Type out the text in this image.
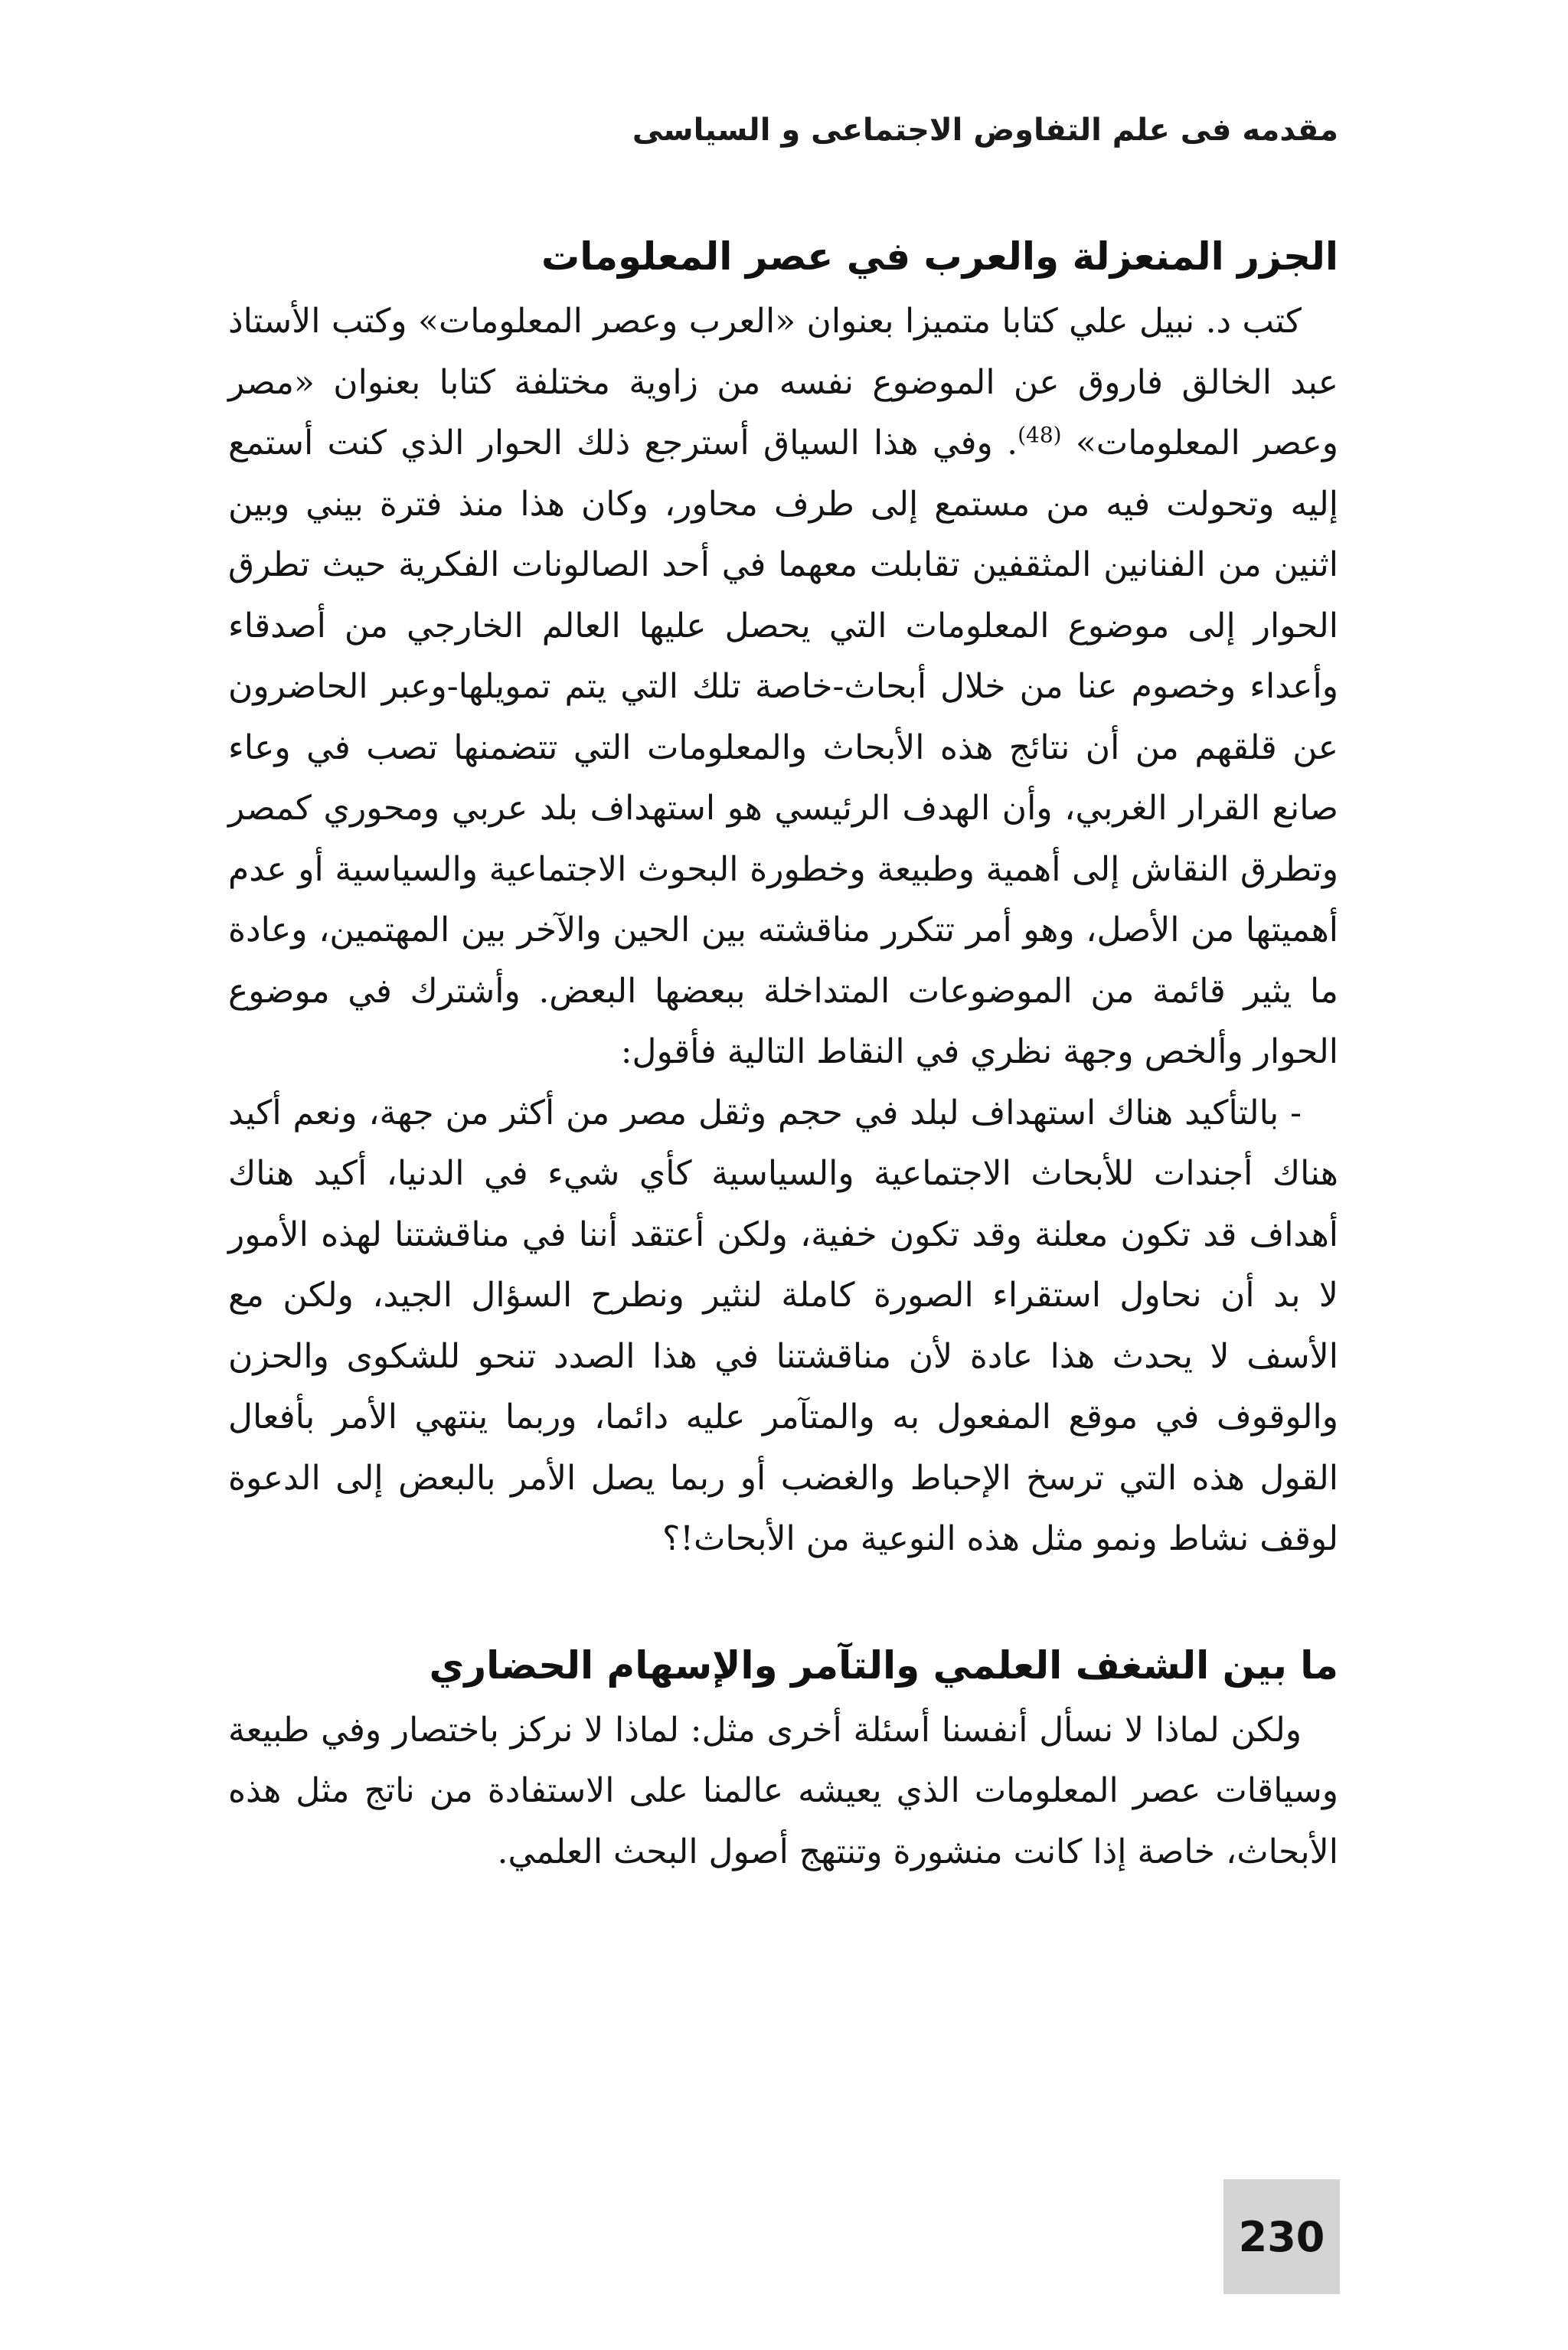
مقدمه فى علم التفاوض الاجتماعى و السياسى
الجزر المنعزلة والعرب في عصر المعلومات

كتب د. نبيل علي كتابا متميزا بعنوان «العرب وعصر المعلومات» وكتب الأستاذ عبد الخالق فاروق عن الموضوع نفسه من زاوية مختلفة كتابا بعنوان «مصر وعصر المعلومات» $^{(48)}$. وفي هذا السياق أسترجع ذلك الحوار الذي كنت أستمع إليه وتحولت فيه من مستمع إلى طرف محاور، وكان هذا منذ فترة بيني وبين اثنين من الفنانين المثقفين تقابلت معهما في أحد الصالونات الفكرية حيث تطرق الحوار إلى موضوع المعلومات التي يحصل عليها العالم الخارجي من أصدقاء وأعداء وخصوم عنا من خلال أبحاث-خاصة تلك التي يتم تمويلها-وعبر الحاضرون عن قلقهم من أن نتائج هذه الأبحاث والمعلومات التي تتضمنها تصب في وعاء صانع القرار الغربي، وأن الهدف الرئيسي هو استهداف بلد عربي ومحوري كمصر وتطرق النقاش إلى أهمية وطبيعة وخطورة البحوث الاجتماعية والسياسية أو عدم أهميتها من الأصل، وهو أمر تتكرر مناقشته بين الحين والآخر بين المهتمين، وعادة ما يثير قائمة من الموضوعات المتداخلة ببعضها البعض. وأشترك في موضوع الحوار وألخص وجهة نظري في النقاط التالية فأقول:

- بالتأكيد هناك استهداف لبلد في حجم وثقل مصر من أكثر من جهة، ونعم أكيد هناك أجندات للأبحاث الاجتماعية والسياسية كأي شيء في الدنيا، أكيد هناك أهداف قد تكون معلنة وقد تكون خفية، ولكن أعتقد أننا في مناقشتنا لهذه الأمور لا بد أن نحاول استقراء الصورة كاملة لنثير ونطرح السؤال الجيد، ولكن مع الأسف لا يحدث هذا عادة لأن مناقشتنا في هذا الصدد تنحو للشكوى والحزن والوقوف في موقع المفعول به والمتآمر عليه دائما، وربما ينتهي الأمر بأفعال القول هذه التي ترسخ الإحباط والغضب أو ربما يصل الأمر بالبعض إلى الدعوة لوقف نشاط ونمو مثل هذه النوعية من الأبحاث!؟

ما بين الشغف العلمي والتآمر والإسهام الحضاري

ولكن لماذا لا نسأل أنفسنا أسئلة أخرى مثل: لماذا لا نركز باختصار وفي طبيعة وسياقات عصر المعلومات الذي يعيشه عالمنا على الاستفادة من ناتج مثل هذه الأبحاث، خاصة إذا كانت منشورة وتنتهج أصول البحث العلمي.

230
